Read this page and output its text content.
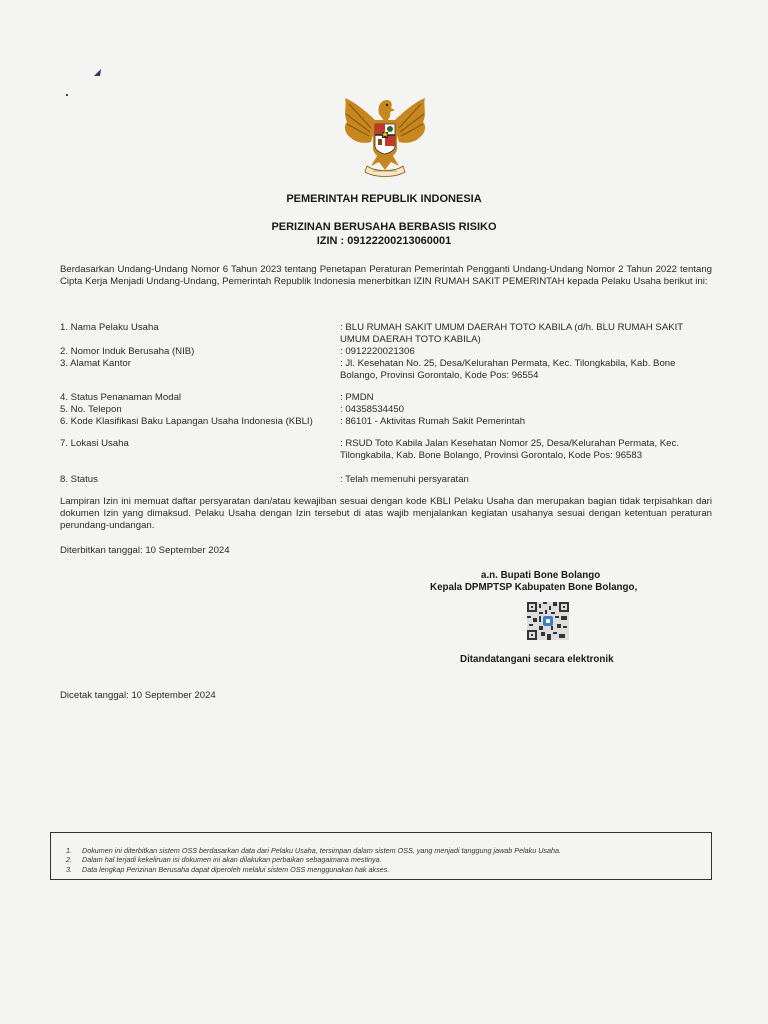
PEMERINTAH REPUBLIK INDONESIA
PERIZINAN BERUSAHA BERBASIS RISIKO
IZIN : 09122200213060001
Berdasarkan Undang-Undang Nomor 6 Tahun 2023 tentang Penetapan Peraturan Pemerintah Pengganti Undang-Undang Nomor 2 Tahun 2022 tentang Cipta Kerja Menjadi Undang-Undang, Pemerintah Republik Indonesia menerbitkan IZIN RUMAH SAKIT PEMERINTAH kepada Pelaku Usaha berikut ini:
1. Nama Pelaku Usaha	: BLU RUMAH SAKIT UMUM DAERAH TOTO KABILA (d/h. BLU RUMAH SAKIT UMUM DAERAH TOTO KABILA)
2. Nomor Induk Berusaha (NIB)	: 0912220021306
3. Alamat Kantor	: Jl. Kesehatan No. 25, Desa/Kelurahan Permata, Kec. Tilongkabila, Kab. Bone Bolango, Provinsi Gorontalo, Kode Pos: 96554
4. Status Penanaman Modal	: PMDN
5. No. Telepon	: 04358534450
6. Kode Klasifikasi Baku Lapangan Usaha Indonesia (KBLI)	: 86101 - Aktivitas Rumah Sakit Pemerintah
7. Lokasi Usaha	: RSUD Toto Kabila Jalan Kesehatan Nomor 25, Desa/Kelurahan Permata, Kec. Tilongkabila, Kab. Bone Bolango, Provinsi Gorontalo, Kode Pos: 96583
8. Status	: Telah memenuhi persyaratan
Lampiran Izin ini memuat daftar persyaratan dan/atau kewajiban sesuai dengan kode KBLI Pelaku Usaha dan merupakan bagian tidak terpisahkan dari dokumen Izin yang dimaksud. Pelaku Usaha dengan Izin tersebut di atas wajib menjalankan kegiatan usahanya sesuai dengan ketentuan peraturan perundang-undangan.
Diterbitkan tanggal: 10 September 2024
a.n. Bupati Bone Bolango
Kepala DPMPTSP Kabupaten Bone Bolango,
Ditandatangani secara elektronik
Dicetak tanggal: 10 September 2024
1. Dokumen ini diterbitkan sistem OSS berdasarkan data dari Pelaku Usaha, tersimpan dalam sistem OSS, yang menjadi tanggung jawab Pelaku Usaha.
2. Dalam hal terjadi kekeliruan isi dokumen ini akan dilakukan perbaikan sebagaimana mestinya.
3. Data lengkap Perizinan Berusaha dapat diperoleh melalui sistem OSS menggunakan hak akses.
